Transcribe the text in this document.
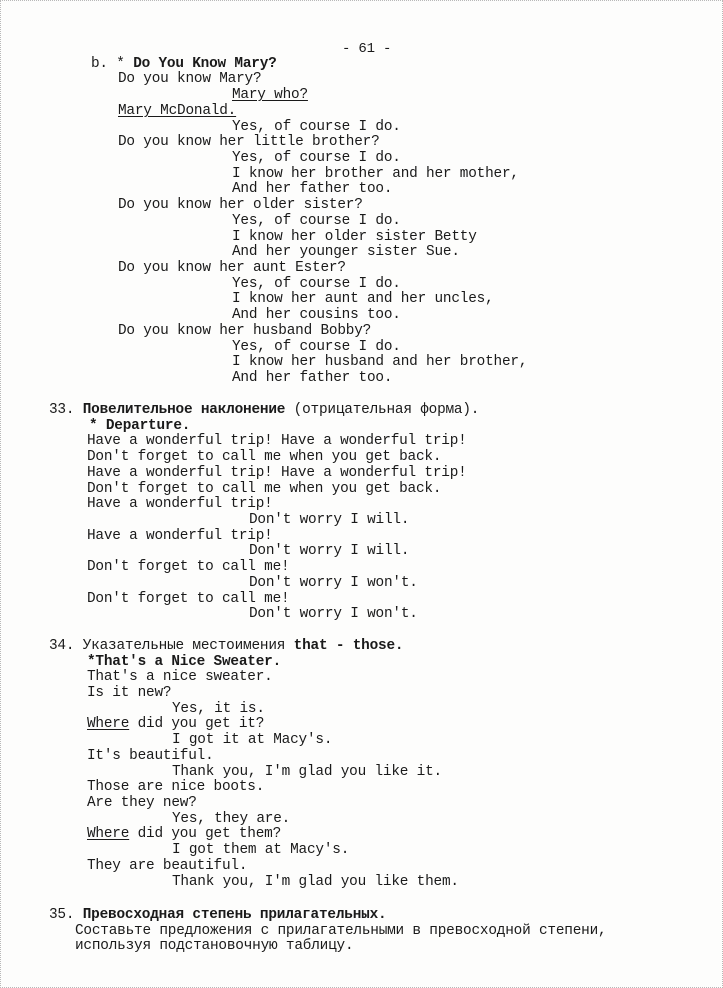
- 61 -
b. * Do You Know Mary?
Do you know Mary?
Mary who?
Mary McDonald.
Yes, of course I do.
Do you know her little brother?
Yes, of course I do.
I know her brother and her mother,
And her father too.
Do you know her older sister?
Yes, of course I do.
I know her older sister Betty
And her younger sister Sue.
Do you know her aunt Ester?
Yes, of course I do.
I know her aunt and her uncles,
And her cousins too.
Do you know her husband Bobby?
Yes, of course I do.
I know her husband and her brother,
And her father too.
33. Повелительное наклонение (отрицательная форма).
* Departure.
Have a wonderful trip! Have a wonderful trip!
Don't forget to call me when you get back.
Have a wonderful trip! Have a wonderful trip!
Don't forget to call me when you get back.
Have a wonderful trip!
Don't worry I will.
Have a wonderful trip!
Don't worry I will.
Don't forget to call me!
Don't worry I won't.
Don't forget to call me!
Don't worry I won't.
34. Указательные местоимения that - those.
*That's a Nice Sweater.
That's a nice sweater.
Is it new?
Yes, it is.
Where did you get it?
I got it at Macy's.
It's beautiful.
Thank you, I'm glad you like it.
Those are nice boots.
Are they new?
Yes, they are.
Where did you get them?
I got them at Macy's.
They are beautiful.
Thank you, I'm glad you like them.
35. Превосходная степень прилагательных.
Составьте предложения с прилагательными в превосходной степени,
используя подстановочную таблицу.
